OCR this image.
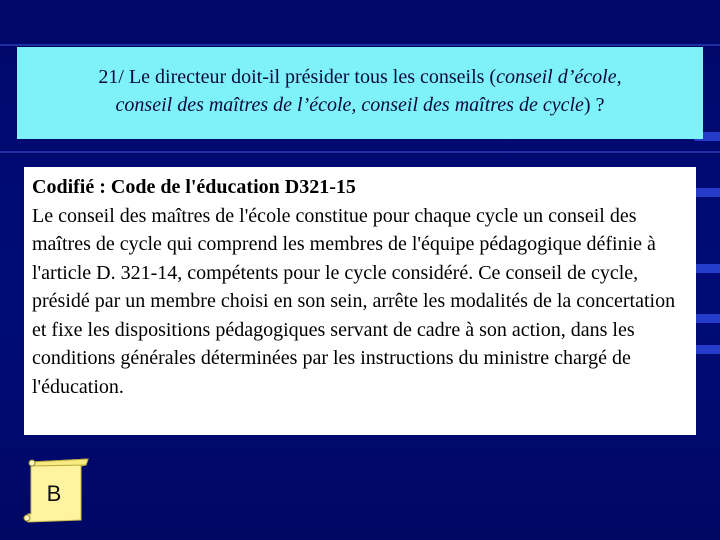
21/ Le directeur doit-il présider tous les conseils (conseil d’école,
conseil des maîtres de l’école, conseil des maîtres de cycle) ?
Codifié : Code de l'éducation D321-15
Le conseil des maîtres de l'école constitue pour chaque cycle un conseil des maîtres de cycle qui comprend les membres de l'équipe pédagogique définie à l'article D. 321-14, compétents pour le cycle considéré. Ce conseil de cycle, présidé par un membre choisi en son sein, arrête les modalités de la concertation et fixe les dispositions pédagogiques servant de cadre à son action, dans les conditions générales déterminées par les instructions du ministre chargé de l'éducation.
B
